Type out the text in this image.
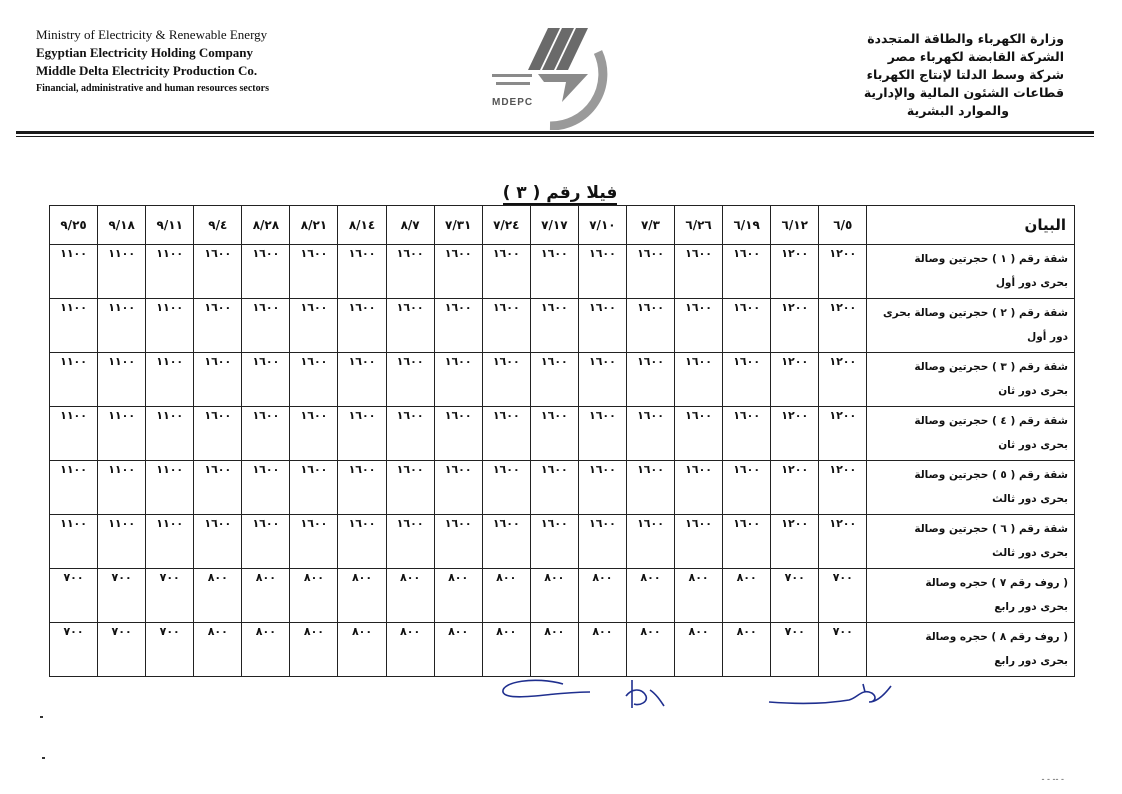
Ministry of Electricity & Renewable Energy
Egyptian Electricity Holding Company
Middle Delta Electricity Production Co.
Financial, administrative and human resources sectors
MDEPC
وزارة الكهرباء والطاقة المتجددة
الشركة القابضة لكهرباء مصر
شركة وسط الدلتا لإنتاج الكهرباء
قطاعات الشئون المالية والإدارية
والموارد البشرية
فيلا رقم ( ٣ )
البيان	٦/٥	٦/١٢	٦/١٩	٦/٢٦	٧/٣	٧/١٠	٧/١٧	٧/٢٤	٧/٣١	٨/٧	٨/١٤	٨/٢١	٨/٢٨	٩/٤	٩/١١	٩/١٨	٩/٢٥

شقة رقم ( ١ ) حجرتين وصالة
بحرى دور أول	١٢٠٠	١٢٠٠	١٦٠٠	١٦٠٠	١٦٠٠	١٦٠٠	١٦٠٠	١٦٠٠	١٦٠٠	١٦٠٠	١٦٠٠	١٦٠٠	١٦٠٠	١٦٠٠	١١٠٠	١١٠٠	١١٠٠

شقة رقم ( ٢ ) حجرتين وصالة بحرى
دور أول	١٢٠٠	١٢٠٠	١٦٠٠	١٦٠٠	١٦٠٠	١٦٠٠	١٦٠٠	١٦٠٠	١٦٠٠	١٦٠٠	١٦٠٠	١٦٠٠	١٦٠٠	١٦٠٠	١١٠٠	١١٠٠	١١٠٠

شقة رقم ( ٣ ) حجرتين وصالة
بحرى دور ثان	١٢٠٠	١٢٠٠	١٦٠٠	١٦٠٠	١٦٠٠	١٦٠٠	١٦٠٠	١٦٠٠	١٦٠٠	١٦٠٠	١٦٠٠	١٦٠٠	١٦٠٠	١٦٠٠	١١٠٠	١١٠٠	١١٠٠

شقة رقم ( ٤ ) حجرتين وصالة
بحرى دور ثان	١٢٠٠	١٢٠٠	١٦٠٠	١٦٠٠	١٦٠٠	١٦٠٠	١٦٠٠	١٦٠٠	١٦٠٠	١٦٠٠	١٦٠٠	١٦٠٠	١٦٠٠	١٦٠٠	١١٠٠	١١٠٠	١١٠٠

شقة رقم ( ٥ ) حجرتين وصالة
بحرى دور ثالث	١٢٠٠	١٢٠٠	١٦٠٠	١٦٠٠	١٦٠٠	١٦٠٠	١٦٠٠	١٦٠٠	١٦٠٠	١٦٠٠	١٦٠٠	١٦٠٠	١٦٠٠	١٦٠٠	١١٠٠	١١٠٠	١١٠٠

شقة رقم ( ٦ ) حجرتين وصالة
بحرى دور ثالث	١٢٠٠	١٢٠٠	١٦٠٠	١٦٠٠	١٦٠٠	١٦٠٠	١٦٠٠	١٦٠٠	١٦٠٠	١٦٠٠	١٦٠٠	١٦٠٠	١٦٠٠	١٦٠٠	١١٠٠	١١٠٠	١١٠٠

( روف رقم ٧ ) حجره وصالة
بحرى دور رابع	٧٠٠	٧٠٠	٨٠٠	٨٠٠	٨٠٠	٨٠٠	٨٠٠	٨٠٠	٨٠٠	٨٠٠	٨٠٠	٨٠٠	٨٠٠	٨٠٠	٧٠٠	٧٠٠	٧٠٠

( روف رقم ٨ ) حجره وصالة
بحرى دور رابع	٧٠٠	٧٠٠	٨٠٠	٨٠٠	٨٠٠	٨٠٠	٨٠٠	٨٠٠	٨٠٠	٨٠٠	٨٠٠	٨٠٠	٨٠٠	٨٠٠	٧٠٠	٧٠٠	٧٠٠
- - -- -
